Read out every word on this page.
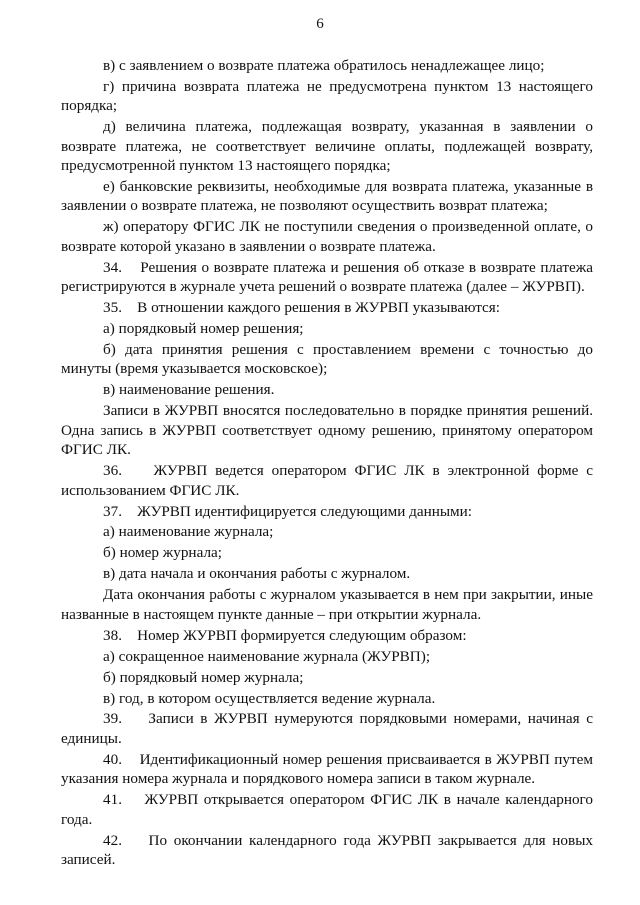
6

в) с заявлением о возврате платежа обратилось ненадлежащее лицо;

г) причина возврата платежа не предусмотрена пунктом 13 настоящего порядка;

д) величина платежа, подлежащая возврату, указанная в заявлении о возврате платежа, не соответствует величине оплаты, подлежащей возврату, предусмотренной пунктом 13 настоящего порядка;

е) банковские реквизиты, необходимые для возврата платежа, указанные в заявлении о возврате платежа, не позволяют осуществить возврат платежа;

ж) оператору ФГИС ЛК не поступили сведения о произведенной оплате, о возврате которой указано в заявлении о возврате платежа.

34.    Решения о возврате платежа и решения об отказе в возврате платежа регистрируются в журнале учета решений о возврате платежа (далее – ЖУРВП).

35.    В отношении каждого решения в ЖУРВП указываются:

а) порядковый номер решения;

б) дата принятия решения с проставлением времени с точностью до минуты (время указывается московское);

в) наименование решения.

Записи в ЖУРВП вносятся последовательно в порядке принятия решений. Одна запись в ЖУРВП соответствует одному решению, принятому оператором ФГИС ЛК.

36.    ЖУРВП ведется оператором ФГИС ЛК в электронной форме с использованием ФГИС ЛК.

37.    ЖУРВП идентифицируется следующими данными:

а) наименование журнала;

б) номер журнала;

в) дата начала и окончания работы с журналом.

Дата окончания работы с журналом указывается в нем при закрытии, иные названные в настоящем пункте данные – при открытии журнала.

38.    Номер ЖУРВП формируется следующим образом:

а) сокращенное наименование журнала (ЖУРВП);

б) порядковый номер журнала;

в) год, в котором осуществляется ведение журнала.

39.    Записи в ЖУРВП нумеруются порядковыми номерами, начиная с единицы.

40.    Идентификационный номер решения присваивается в ЖУРВП путем указания номера журнала и порядкового номера записи в таком журнале.

41.    ЖУРВП открывается оператором ФГИС ЛК в начале календарного года.

42.    По окончании календарного года ЖУРВП закрывается для новых записей.
